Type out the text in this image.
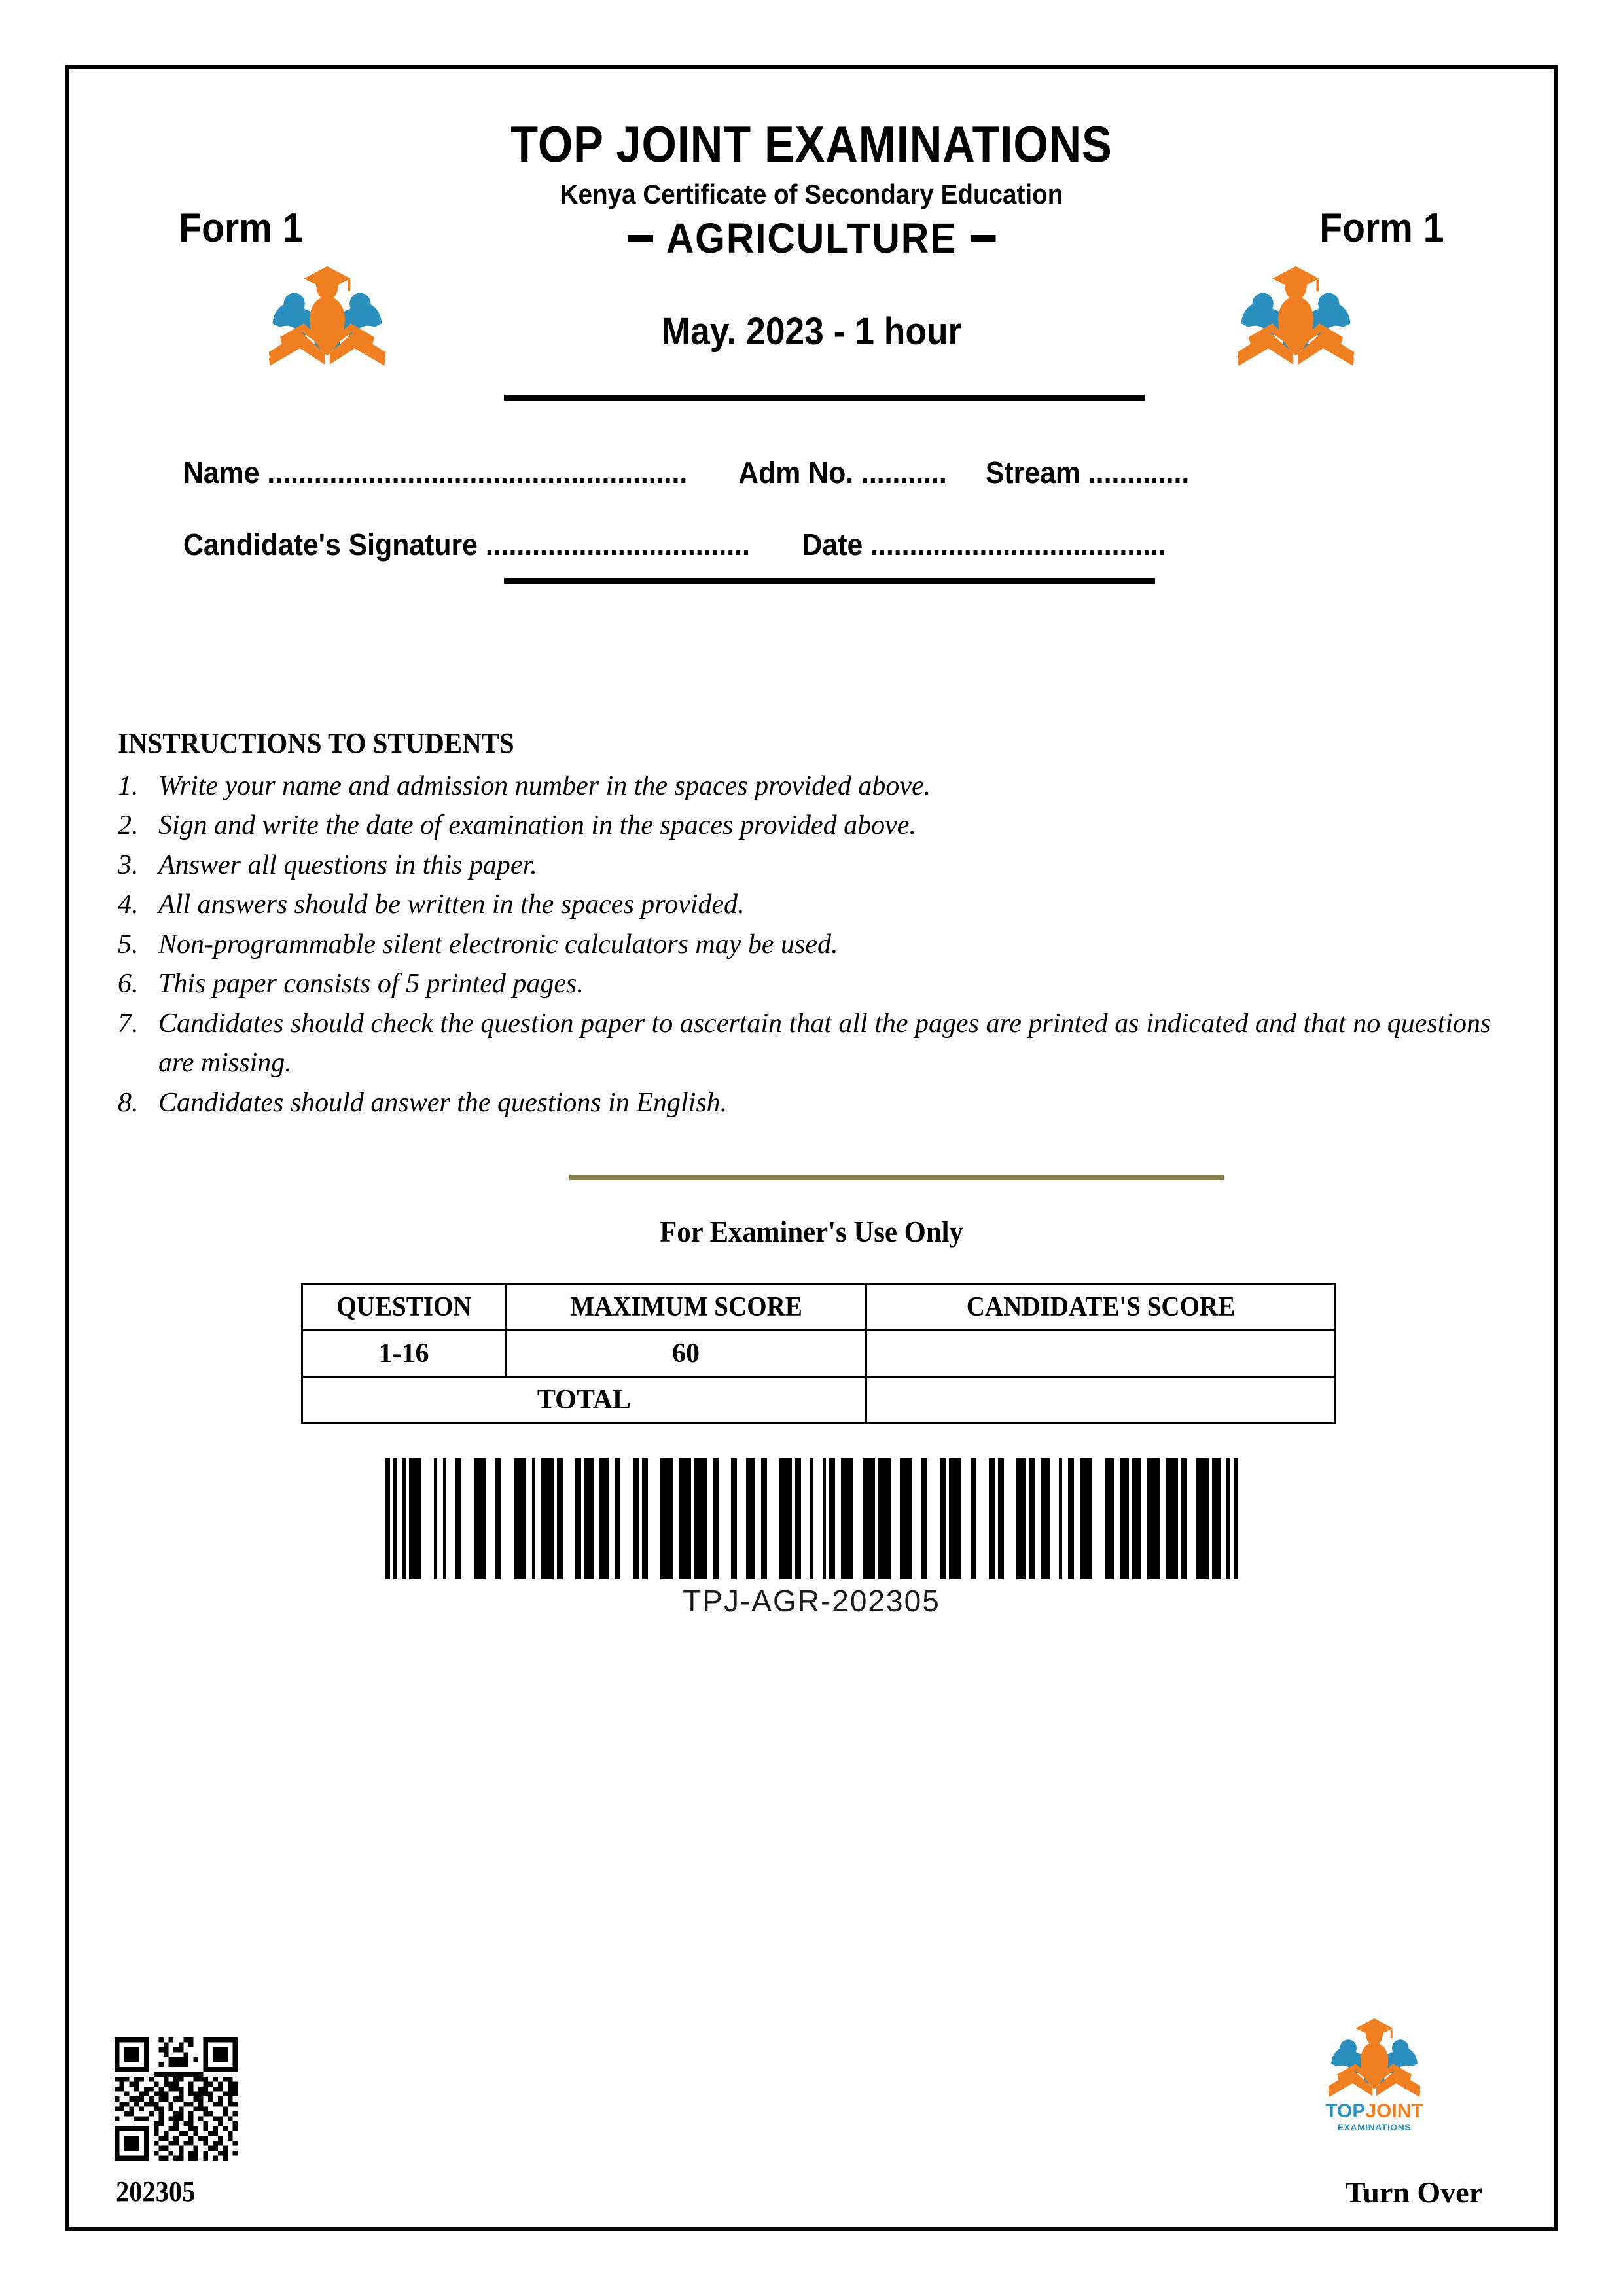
TOP JOINT EXAMINATIONS
Kenya Certificate of Secondary Education
Form 1	Form 1
AGRICULTURE
May. 2023 - 1 hour
Name ...................................................... Adm No. ........... Stream .............
Candidate's Signature .................................. Date ......................................
INSTRUCTIONS TO STUDENTS
1. Write your name and admission number in the spaces provided above.
2. Sign and write the date of examination in the spaces provided above.
3. Answer all questions in this paper.
4. All answers should be written in the spaces provided.
5. Non-programmable silent electronic calculators may be used.
6. This paper consists of 5 printed pages.
7. Candidates should check the question paper to ascertain that all the pages are printed as indicated and that no questions are missing.
8. Candidates should answer the questions in English.
For Examiner's Use Only
QUESTION	MAXIMUM SCORE	CANDIDATE'S SCORE
1-16	60	
TOTAL		
TPJ-AGR-202305
202305
TOPJOINT
EXAMINATIONS
Turn Over
